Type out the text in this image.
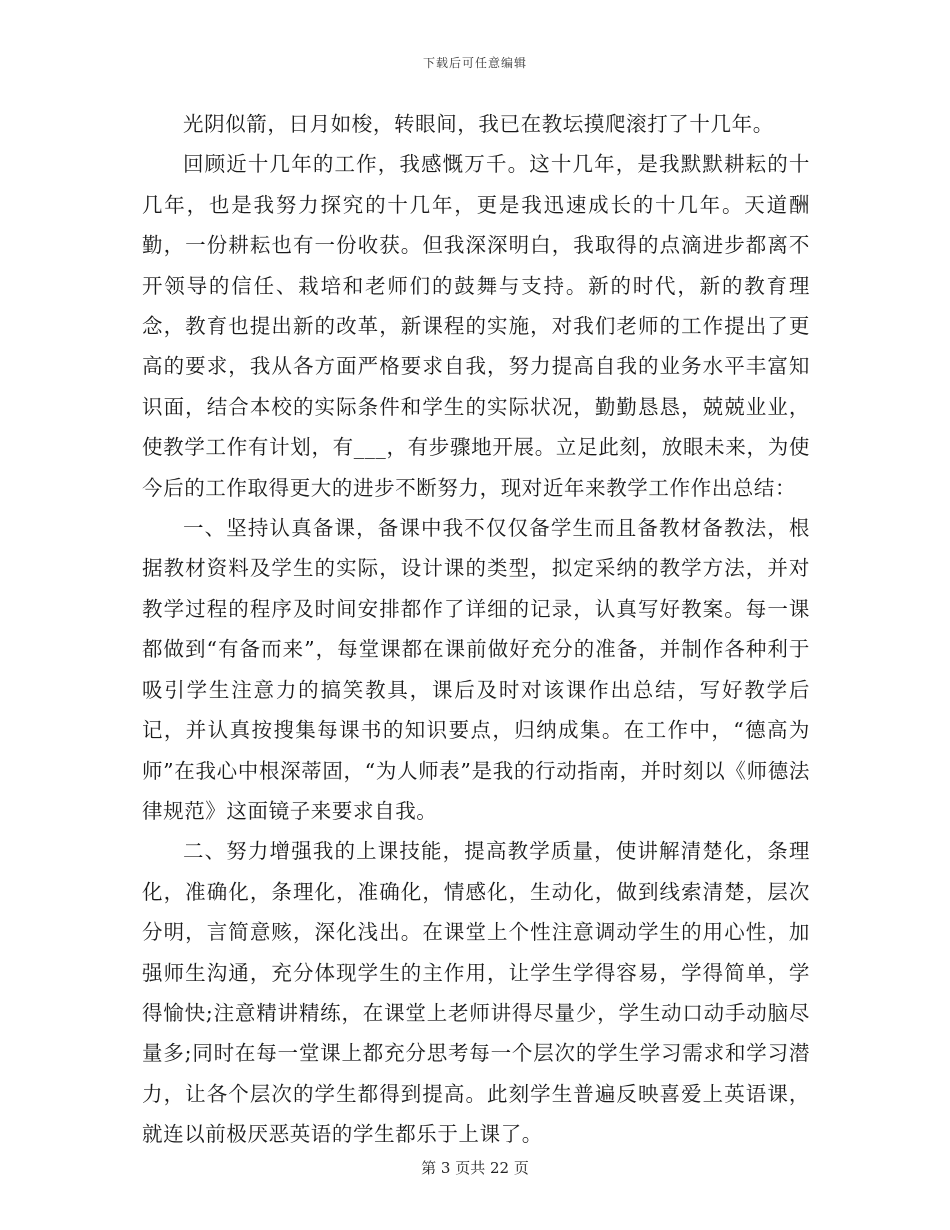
下载后可任意编辑

光阴似箭，日月如梭，转眼间，我已在教坛摸爬滚打了十几年。

回顾近十几年的工作，我感慨万千。这十几年，是我默默耕耘的十几年，也是我努力探究的十几年，更是我迅速成长的十几年。天道酬勤，一份耕耘也有一份收获。但我深深明白，我取得的点滴进步都离不开领导的信任、栽培和老师们的鼓舞与支持。新的时代，新的教育理念，教育也提出新的改革，新课程的实施，对我们老师的工作提出了更高的要求，我从各方面严格要求自我，努力提高自我的业务水平丰富知识面，结合本校的实际条件和学生的实际状况，勤勤恳恳，兢兢业业，使教学工作有计划，有___，有步骤地开展。立足此刻，放眼未来，为使今后的工作取得更大的进步不断努力，现对近年来教学工作作出总结：

一、坚持认真备课，备课中我不仅仅备学生而且备教材备教法，根据教材资料及学生的实际，设计课的类型，拟定采纳的教学方法，并对教学过程的程序及时间安排都作了详细的记录，认真写好教案。每一课都做到“有备而来”，每堂课都在课前做好充分的准备，并制作各种利于吸引学生注意力的搞笑教具，课后及时对该课作出总结，写好教学后记，并认真按搜集每课书的知识要点，归纳成集。在工作中，“德高为师”在我心中根深蒂固，“为人师表”是我的行动指南，并时刻以《师德法律规范》这面镜子来要求自我。

二、努力增强我的上课技能，提高教学质量，使讲解清楚化，条理化，准确化，条理化，准确化，情感化，生动化，做到线索清楚，层次分明，言简意赅，深化浅出。在课堂上个性注意调动学生的用心性，加强师生沟通，充分体现学生的主作用，让学生学得容易，学得简单，学得愉快;注意精讲精练，在课堂上老师讲得尽量少，学生动口动手动脑尽量多;同时在每一堂课上都充分思考每一个层次的学生学习需求和学习潜力，让各个层次的学生都得到提高。此刻学生普遍反映喜爱上英语课，就连以前极厌恶英语的学生都乐于上课了。

第 3 页共 22 页
